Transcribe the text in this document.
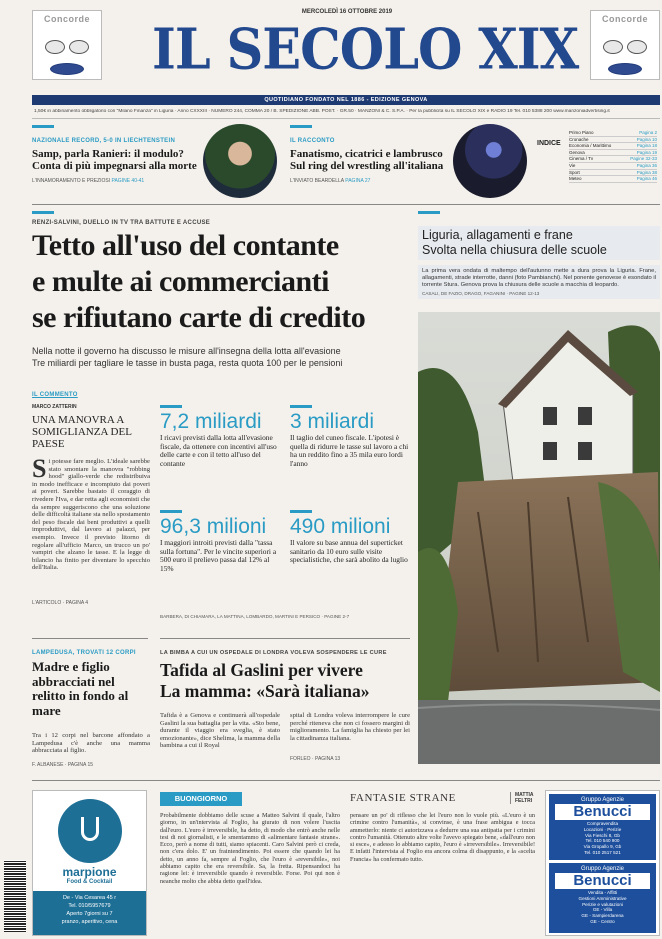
Concorde	Concorde
MERCOLEDÌ 16 OTTOBRE 2019
IL SECOLO XIX
QUOTIDIANO FONDATO NEL 1886 - EDIZIONE GENOVA
1,50€ in abbinamento obbligatorio con "Milano Finanza" in Liguria · Anno CXXXIII · NUMERO 244, COMMA 20 / B. SPEDIZIONE ABB. POST. · GR.50 · MANZONI & C. S.P.A. · Per la pubblicità su IL SECOLO XIX e RADIO 19 Tel. 010 5388 200 www.manzoniadvertising.it
NAZIONALE RECORD, 5-0 IN LIECHTENSTEIN
Samp, parla Ranieri: il modulo? Conta di più impegnarsi alla morte
L'INNAMORAMENTO E PREZIOSI PAGINE 40-41
IL RACCONTO
Fanatismo, cicatrici e lambrusco Sul ring del wrestling all'italiana
L'INVIATO BEARDELLA PAGINA 27
INDICE
Primo Piano	Pagina 2
Cronache	Pagina 10
Economia / Marittimo	Pagina 18
Genova	Pagina 19
Cinema / Tv	Pagine 32-33
Vie	Pagina 36
Sport	Pagina 38
Meteo	Pagina 46
RENZI-SALVINI, DUELLO IN TV TRA BATTUTE E ACCUSE
Tetto all'uso del contante
e multe ai commercianti
se rifiutano carte di credito
Nella notte il governo ha discusso le misure all'insegna della lotta all'evasione
Tre miliardi per tagliare le tasse in busta paga, resta quota 100 per le pensioni
IL COMMENTO
MARCO ZATTERIN
UNA MANOVRA A SOMIGLIANZA DEL PAESE
S i potesse fare meglio. L'ideale sarebbe stato smontare la manovra "robbing hood" giallo-verde che redistribuiva in modo inefficace e incompiuto dai poveri ai poveri. Sarebbe bastato il coraggio di rivedere l'Iva, e dar retta agli economisti che da sempre suggeriscono che una soluzione delle difficoltà italiane sta nello spostamento del peso fiscale dai beni produttivi a quelli improduttivi, dal lavoro ai palazzi, per esempio. Invece il previsto litorno di regolare all'ufficio Marco, un trucco un po' vampiri che alzano le tasse. E la legge di bilancio ha finito per diventare lo specchio dell'Italia.
L'ARTICOLO · PAGINA 4
7,2 miliardi
I ricavi previsti dalla lotta all'evasione fiscale, da ottenere con incentivi all'uso delle carte e con il tetto all'uso del contante
3 miliardi
Il taglio del cuneo fiscale. L'ipotesi è quella di ridurre le tasse sul lavoro a chi ha un reddito fino a 35 mila euro lordi l'anno
96,3 milioni
I maggiori introiti previsti dalla "tassa sulla fortuna". Per le vincite superiori a 500 euro il prelievo passa dal 12% al 15%
490 milioni
Il valore su base annua del superticket sanitario da 10 euro sulle visite specialistiche, che sarà abolito da luglio
BARBERA, DI CHIAMARA, LA MATTINA, LOMBARDO, MARTINI E PERSICO · PAGINE 2-7
Liguria, allagamenti e frane
Svolta nella chiusura delle scuole
La prima vera ondata di maltempo dell'autunno mette a dura prova la Liguria. Frane, allagamenti, strade interrotte, danni (foto Pambianchi). Nel ponente genovese è esondato il torrente Stura. Genova prova la chiusura delle scuole a macchia di leopardo.
CASALI, DE FAZIO, DRAGO, FAGANINI · PAGINE 12-13
LAMPEDUSA, TROVATI 12 CORPI
Madre e figlio abbracciati nel relitto in fondo al mare
Tra i 12 corpi nel barcone affondato a Lampedusa c'è anche una mamma abbracciata al figlio.
F. ALBANESE · PAGINA 15
LA BIMBA A CUI UN OSPEDALE DI LONDRA VOLEVA SOSPENDERE LE CURE
Tafida al Gaslini per vivere
La mamma: «Sarà italiana»
Tafida è a Genova e continuerà all'ospedale Gaslini la sua battaglia per la vita. «Sto bene, durante il viaggio era sveglia, è stato emozionante», dice Shelima, la mamma della bambina a cui il Royal
spital di Londra voleva interrompere le cure perché riteneva che non ci fossero margini di miglioramento. La famiglia ha chiesto per lei la cittadinanza italiana.
FORLEO · PAGINA 13
marpione
Food & Cocktail
De - Via Cesarea 45 r
Tel. 010/5957679
Aperto 7giorni su 7
pranzo, aperitivo, cena
BUONGIORNO
Probabilmente dobbiamo delle scuse a Matteo Salvini il quale, l'altro giorno, in un'intervista al Foglio, ha giurato di non volere l'uscita dall'euro. L'euro è irreversibile, ha detto, di modo che entrò anche nelle tesi di noi giornalisti, e le smentammo di «alimentare fantasie strane». Ecco, però a nome di tutti, siamo spiacenti. Caro Salvini però ci creda, non c'era dolo. E' un fraintendimento. Poi essere che quando lei ha detto, un anno fa, sempre al Foglio, che l'euro è «reversibile», noi abbiamo capito che era reversibile. Sa, la fretta. Ripensandoci ha ragione lei: è irreversibile quando è reversibile. Forse. Poi qui non è neanche molto che abbia detto quell'idea.
FANTASIE STRANE	MATTIA
FELTRI
pensare un po' di riflesso che lei l'euro non lo vuole più. «L'euro è un crimine contro l'umanità», si convinse, è una frase ambigua e tocca ammetterlo: niente ci autorizzava a dedurre una sua antipatia per i crimini contro l'umanità. Ottenuto altre volte l'avevo spiegato bene, «dall'euro non si esce», e adesso lo abbiamo capito, l'euro è «irreversibile». Irreversibile! E infatti l'intervista al Foglio era ancora colma di disappunto, e la «scelta Francia» ha confermato tutto.
Gruppo Agenzie
Benucci
Compravendita
Locazioni · Perizie
Via Fieschi 8, Gb
Tel. 010 540 900
Via Gropallo 9, Gb
Tel. 010 2517 521
Gruppo Agenzie
Benucci
Vendita - Affitti
Gestioni Amministrative
Perizie e valutazioni
GE - Villa
GE - Sampierdarena
GE - Centro
